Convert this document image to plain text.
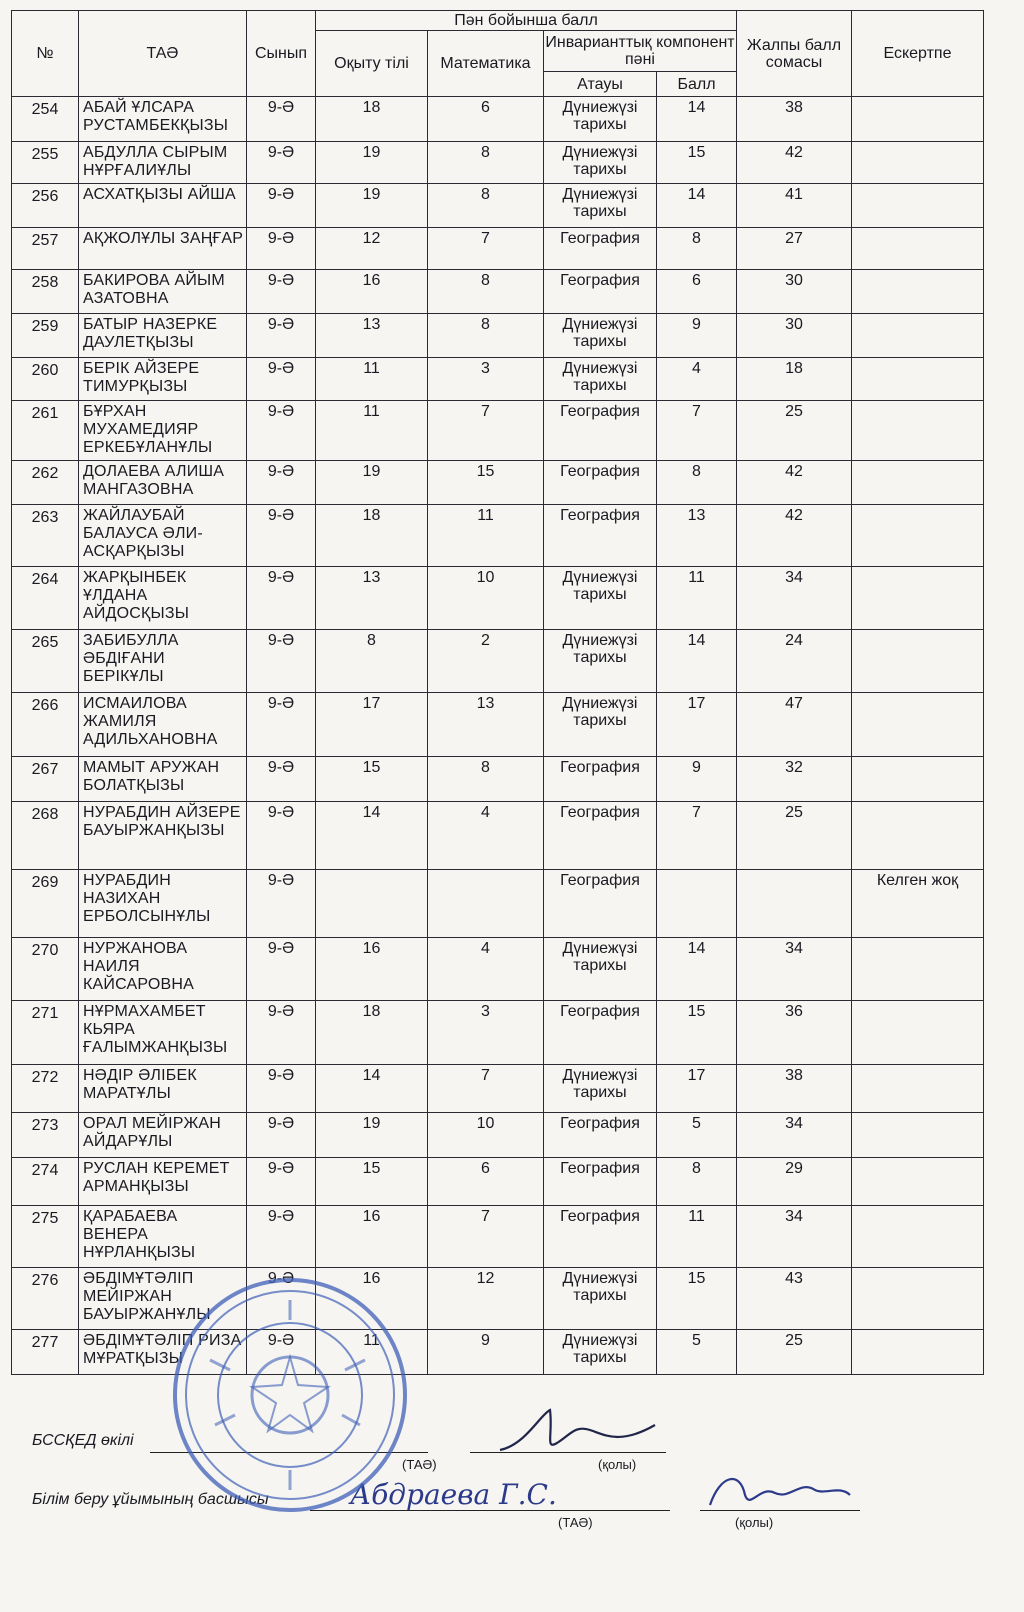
№	ТАӘ	Сынып	Пән бойынша балл				Жалпы балл сомасы	Ескертпе
			Оқыту тілі	Математика	Инварианттық компонент пәні			
					Атауы	Балл		

254	АБАЙ ҰЛСАРА РУСТАМБЕКҚЫЗЫ	9-Ә	18	6	Дүниежүзі тарихы	14	38	

255	АБДУЛЛА СЫРЫМ НҰРҒАЛИҰЛЫ	9-Ә	19	8	Дүниежүзі тарихы	15	42	

256	АСХАТҚЫЗЫ АЙША	9-Ә	19	8	Дүниежүзі тарихы	14	41	

257	АҚЖОЛҰЛЫ ЗАҢҒАР	9-Ә	12	7	География	8	27	

258	БАКИРОВА АЙЫМ АЗАТОВНА	9-Ә	16	8	География	6	30	

259	БАТЫР НАЗЕРКЕ ДАУЛЕТҚЫЗЫ	9-Ә	13	8	Дүниежүзі тарихы	9	30	

260	БЕРІК АЙЗЕРЕ ТИМУРҚЫЗЫ	9-Ә	11	3	Дүниежүзі тарихы	4	18	

261	БҰРХАН МУХАМЕДИЯР ЕРКЕБҰЛАНҰЛЫ	9-Ә	11	7	География	7	25	

262	ДОЛАЕВА АЛИША МАНГАЗОВНА	9-Ә	19	15	География	8	42	

263	ЖАЙЛАУБАЙ БАЛАУСА ӘЛИ-АСҚАРҚЫЗЫ	9-Ә	18	11	География	13	42	

264	ЖАРҚЫНБЕК ҰЛДАНА АЙДОСҚЫЗЫ	9-Ә	13	10	Дүниежүзі тарихы	11	34	

265	ЗАБИБУЛЛА ӘБДІҒАНИ БЕРІКҰЛЫ	9-Ә	8	2	Дүниежүзі тарихы	14	24	

266	ИСМАИЛОВА ЖАМИЛЯ АДИЛЬХАНОВНА	9-Ә	17	13	Дүниежүзі тарихы	17	47	

267	МАМЫТ АРУЖАН БОЛАТҚЫЗЫ	9-Ә	15	8	География	9	32	

268	НУРАБДИН АЙЗЕРЕ БАУЫРЖАНҚЫЗЫ	9-Ә	14	4	География	7	25	

269	НУРАБДИН НАЗИХАН ЕРБОЛСЫНҰЛЫ	9-Ә			География			Келген жоқ

270	НУРЖАНОВА НАИЛЯ КАЙСАРОВНА	9-Ә	16	4	Дүниежүзі тарихы	14	34	

271	НҰРМАХАМБЕТ КЬЯРА ҒАЛЫМЖАНҚЫЗЫ	9-Ә	18	3	География	15	36	

272	НӘДІР ӘЛІБЕК МАРАТҰЛЫ	9-Ә	14	7	Дүниежүзі тарихы	17	38	

273	ОРАЛ МЕЙІРЖАН АЙДАРҰЛЫ	9-Ә	19	10	География	5	34	

274	РУСЛАН КЕРЕМЕТ АРМАНҚЫЗЫ	9-Ә	15	6	География	8	29	

275	ҚАРАБАЕВА ВЕНЕРА НҰРЛАНҚЫЗЫ	9-Ә	16	7	География	11	34	

276	ӘБДІМҰТӘЛІП МЕЙІРЖАН БАУЫРЖАНҰЛЫ	9-Ә	16	12	Дүниежүзі тарихы	15	43	

277	ӘБДІМҰТӘЛІП РИЗА МҰРАТҚЫЗЫ	9-Ә	11	9	Дүниежүзі тарихы	5	25	

БССҚЕД өкілі
(ТАӘ)	(қолы)
Білім беру ұйымының басшысы	Абдраева Г.С.
(ТАӘ)	(қолы)
